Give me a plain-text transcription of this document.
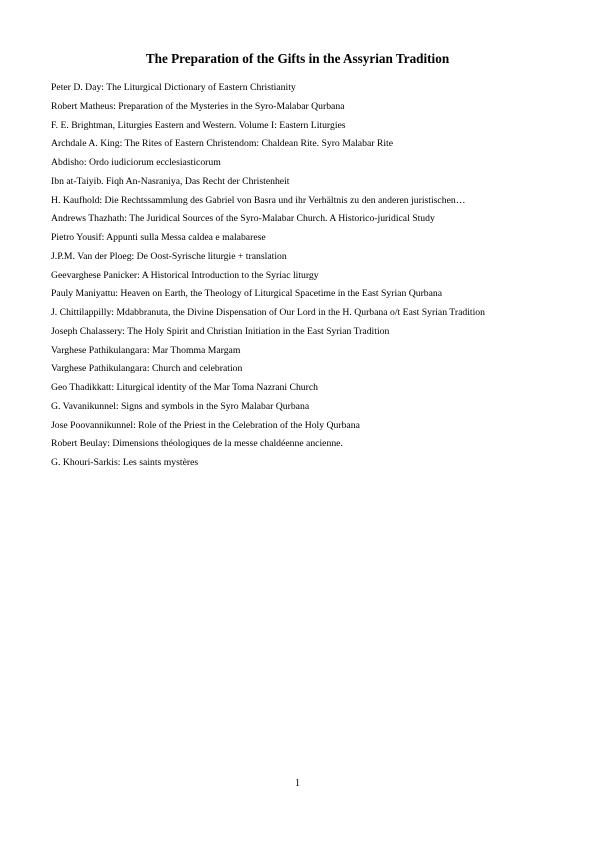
The Preparation of the Gifts in the Assyrian Tradition
Peter D. Day: The Liturgical Dictionary of Eastern Christianity
Robert Matheus: Preparation of the Mysteries in the Syro-Malabar Qurbana
F. E. Brightman, Liturgies Eastern and Western. Volume I: Eastern Liturgies
Archdale A. King: The Rites of Eastern Christendom: Chaldean Rite. Syro Malabar Rite
Abdisho: Ordo iudiciorum ecclesiasticorum
Ibn at-Taiyib. Fiqh An-Nasraniya, Das Recht der Christenheit
H. Kaufhold: Die Rechtssammlung des Gabriel von Basra und ihr Verhältnis zu den anderen juristischen…
Andrews Thazhath: The Juridical Sources of the Syro-Malabar Church. A Historico-juridical Study
Pietro Yousif: Appunti sulla Messa caldea e malabarese
J.P.M. Van der Ploeg: De Oost-Syrische liturgie + translation
Geevarghese Panicker: A Historical Introduction to the Syriac liturgy
Pauly Maniyattu: Heaven on Earth, the Theology of Liturgical Spacetime in the East Syrian Qurbana
J. Chittilappilly: Mdabbranuta, the Divine Dispensation of Our Lord in the H. Qurbana o/t East Syrian Tradition
Joseph Chalassery: The Holy Spirit and Christian Initiation in the East Syrian Tradition
Varghese Pathikulangara: Mar Thomma Margam
Varghese Pathikulangara: Church and celebration
Geo Thadikkatt: Liturgical identity of the Mar Toma Nazrani Church
G. Vavanikunnel: Signs and symbols in the Syro Malabar Qurbana
Jose Poovannikunnel: Role of the Priest in the Celebration of the Holy Qurbana
Robert Beulay: Dimensions théologiques de la messe chaldéenne ancienne.
G. Khouri-Sarkis: Les saints mystères
1
